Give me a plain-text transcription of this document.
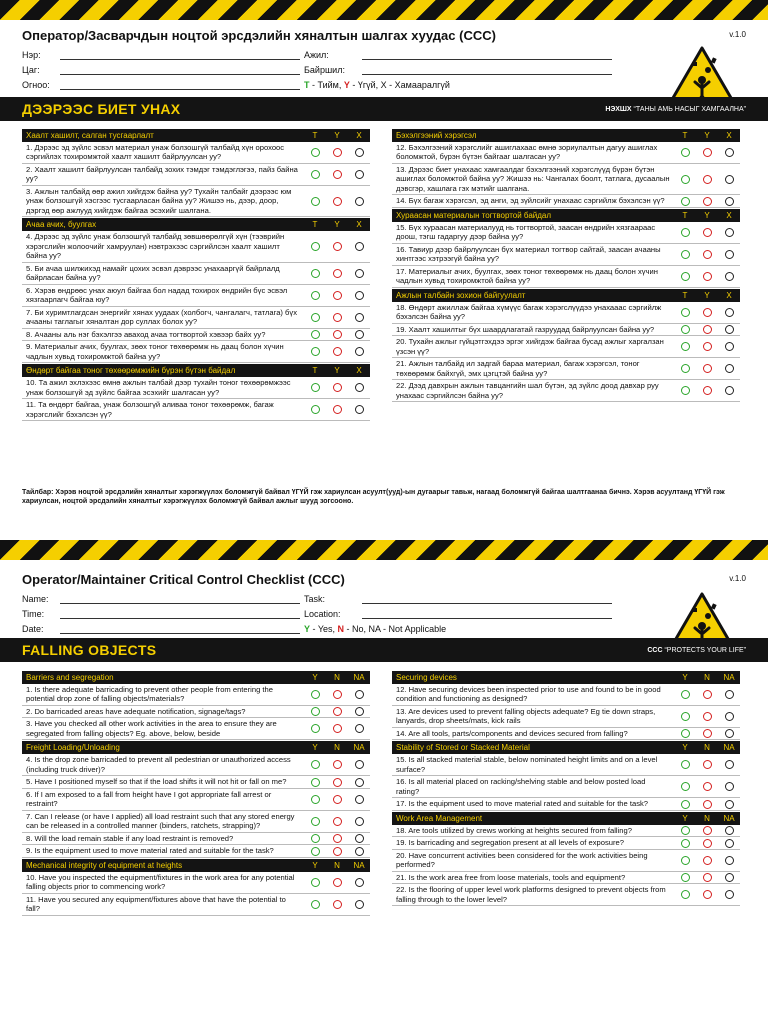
Оператор/Засварчдын ноцтой эрсдэлийн хяналтын шалгах хуудас (CCC)	v.1.0
Нэр:
Цаг:
Огноо:
Ажил:
Байршил:
T - Тийм, Y - Үгүй, X - Хамааралгүй
ДЭЭРЭЭС БИЕТ УНАХ	НЭХШХ “ТАНЫ АМЬ НАСЫГ ХАМГААЛНА”
Хаалт хашилт, салган тусгаарлалт	T	Y	X
1. Дэрээс эд зүйлс эсвэл материал унаж болзошгүй талбайд хүн орохоос сэргийлэх тохиромжтой хаалт хашилт байрлуулсан уу?
2. Хаалт хашилт байрлуулсан талбайд зохих тэмдэг тэмдэглэгээ, пайз байна уу?
3. Ажлын талбайд өөр ажил хийгдэж байна уу? Тухайн талбайг дээрээс юм унаж болзошгүй хэсгээс тусгаарласан байна уу? Жишээ нь, дээр, доор, дэргэд өөр ажлууд хийгдэж байгаа эсэхийг шалгана.
Ачаа ачих, буулгах	T	Y	X
4. Дэрээс эд зүйлс унаж болзошгүй талбайд зөвшөөрөлгүй хүн (тээврийн хэрэгслийн жолоочийг хамруулан) нэвтрэхээс сэргийлсэн хаалт хашилт байна уу?
5. Би ачаа шилжихэд намайг цохих эсвэл дэврээс унахааргүй байрлалд байрласан байна уу?
6. Хэрэв өндрөөс унах аюул байгаа бол надад тохирох өндрийн бүс эсвэл хязгаарлагч байгаа юу?
7. Би хуримтлагдсан энергийг хянах уудаах (холбогч, чангалагч, татлага) бүх ачааны таглагыг хяналтан дор суллах болох уу?
8. Ачааны аль нэг бэхэлгээ аваход ачаа тогтвортой хэвээр байх уу?
9. Материалыг ачих, буулгах, зөөх тоног төхөөрөмж нь даац болон хүчин чадлын хувьд тохиромжтой байна уу?
Өндөрт байгаа тоног төхөөрөмжийн бүрэн бүтэн байдал	T	Y	X
10. Та ажил эхлэхээс өмнө ажлын талбай дээр тухайн тоног төхөөрөмжээс унаж болзошгүй эд зүйлс байгаа эсэхийг шалгасан уу?
11. Та өндөрт байгаа, унаж болзошгүй аливаа тоног төхөөрөмж, багаж хэрэгслийг бэхэлсэн үү?
Бэхэлгээний хэрэгсэл	T	Y	X
12. Бэхэлгээний хэрэгслийг ашиглахаас өмнө зориулалтын дагуу ашиглах боломжтой, бүрэн бүтэн байгааг шалгасан уу?
13. Дэрээс биет унахаас хамгаалдаг бэхэлгээний хэрэгслүүд бүрэн бүтэн ашиглах боломжтой байна уу? Жишээ нь: Чангалах боолт, татлага, дусаалын дэвсгэр, хашлага гэх мэтийг шалгана.
14. Бүх багаж хэрэгсэл, эд анги, эд зүйлсийг унахаас сэргийлж бэхэлсэн үү?
Хураасан материалын тогтвортой байдал	T	Y	X
15. Бүх хураасан материалууд нь тогтвортой, заасан өндрийн хязгаараас доош, тэгш гадаргуу дээр байна уу?
16. Тавиур дээр байрлуулсан бүх материал тогтвор сайтай, заасан ачааны хинтгээс хэтрээгүй байна уу?
17. Материалыг ачих, буулгах, зөөх тоног төхөөрөмж нь даац болон хүчин чадлын хувьд тохиромжтой байна уу?
Ажлын талбайн зохион байгуулалт	T	Y	X
18. Өндөрт ажиллаж байгаа хүмүүс багаж хэрэгслүүдээ унахааас сэргийлж бэхэлсэн байна уу?
19. Хаалт хашилтыг бүх шаардлагатай газруудад байрлуулсан байна уу?
20. Тухайн ажлыг гүйцэтгэхдээ эргэг хийгдэж байгаа бусад ажлыг харгалзан үзсэн үү?
21. Ажлын талбайд ил задгай бараа материал, багаж хэрэгсэл, тоног төхөөрөмж байхгүй, эмх цэгцтэй байна уу?
22. Дээд давхрын ажлын тавцангийн шал бүтэн, эд зүйлс доод давхар руу унахаас сэргийлсэн байна уу?
Тайлбар: Хэрэв ноцтой эрсдэлийн хяналтыг хэрэгжүүлэх боломжгүй байвал ҮГҮЙ гэж хариулсан асуулт(ууд)-ын дугаарыг тавьж, нагаад боломжгүй байгаа шалтгаанаа бичнэ. Хэрэв асуултанд ҮГҮЙ гэж хариулсан, ноцтой эрсдэлийн хяналтыг хэрэгжүүлэх боломжгүй байвал ажлыг шууд зогсооно.
Operator/Maintainer Critical Control Checklist (CCC)	v.1.0
Name:
Time:
Date:
Task:
Location:
Y - Yes, N - No, NA - Not Applicable
FALLING OBJECTS	CCC “PROTECTS YOUR LIFE”
Barriers and segregation	Y	N	NA
1. Is there adequate barricading to prevent other people from entering the potential drop zone of falling objects/materials?
2. Do barricaded areas have adequate notification, signage/tags?
3. Have you checked all other work activities in the area to ensure they are segregated from falling objects? Eg. above, below, beside
Freight Loading/Unloading	Y	N	NA
4. Is the drop zone barricaded to prevent all pedestrian or unauthorized access (including truck driver)?
5. Have I positioned myself so that if the load shifts it will not hit or fall on me?
6. If I am exposed to a fall from height have I got appropriate fall arrest or restraint?
7. Can I release (or have I applied) all load restraint such that any stored energy can be released in a controlled manner (binders, ratchets, strapping)?
8. Will the load remain stable if any load restraint is removed?
9. Is the equipment used to move material rated and suitable for the task?
Mechanical integrity of equipment at heights	Y	N	NA
10. Have you inspected the equipment/fixtures in the work area for any potential falling objects prior to commencing work?
11. Have you secured any equipment/fixtures above that have the potential to fall?
Securing devices	Y	N	NA
12. Have securing devices been inspected prior to use and found to be in good condition and functioning as designed?
13. Are devices used to prevent falling objects adequate? Eg tie down straps, lanyards, drop sheets/mats, kick rails
14. Are all tools, parts/components and devices secured from falling?
Stability of Stored or Stacked Material	Y	N	NA
15. Is all stacked material stable, below nominated height limits and on a level surface?
16. Is all material placed on racking/shelving stable and below posted load rating?
17. Is the equipment used to move material rated and suitable for the task?
Work Area Management	Y	N	NA
18. Are tools utilized by crews working at heights secured from falling?
19. Is barricading and segregation present at all levels of exposure?
20. Have concurrent activities been considered for the work activities being performed?
21. Is the work area free from loose materials, tools and equipment?
22. Is the flooring of upper level work platforms designed to prevent objects from falling through to the lower level?
